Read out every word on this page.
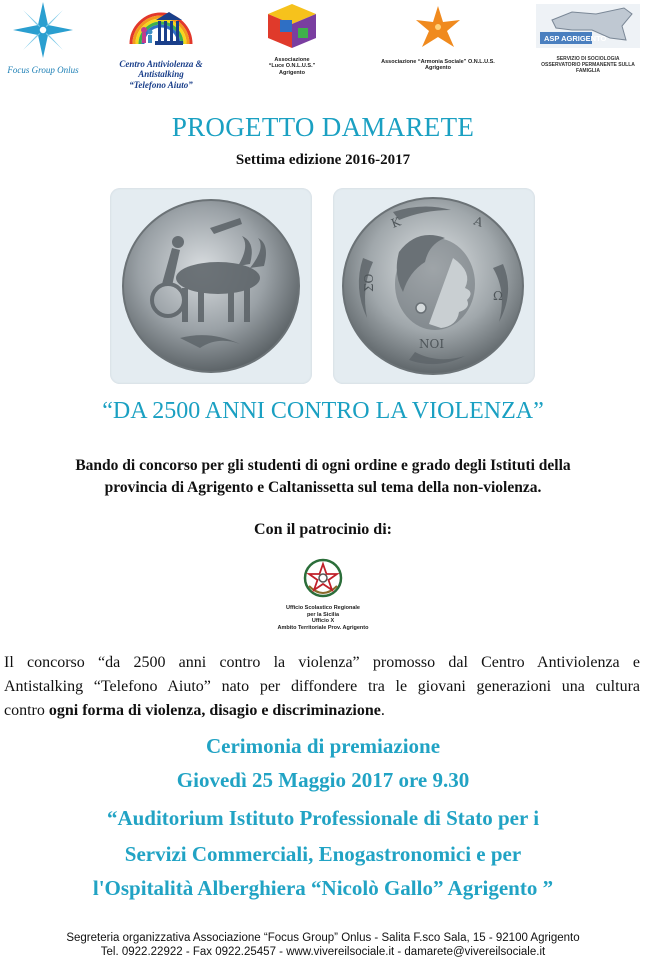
Focus Group Onlus
Centro Antiviolenza & Antistalking
“Telefono Aiuto”
Associazione
“Luce O.N.L.U.S.”
Agrigento
Associazione “Armonia Sociale” O.N.L.U.S.
Agrigento
ASP AGRIGENTO
SERVIZIO DI SOCIOLOGIA
OSSERVATORIO PERMANENTE SULLA FAMIGLIA
PROGETTO DAMARETE
Settima edizione 2016-2017
K	A
ΣΟ
Ω
ΝΟΙ
“DA 2500 ANNI CONTRO LA VIOLENZA”
Bando di concorso per gli studenti di ogni ordine e grado degli Istituti della
provincia di Agrigento e Caltanissetta sul tema della non-violenza.
Con il patrocinio di:
Ufficio Scolastico Regionale
per la Sicilia
Ufficio X
Ambito Territoriale Prov. Agrigento
Il concorso “da 2500 anni contro la violenza” promosso dal Centro Antiviolenza e
Antistalking “Telefono Aiuto” nato per diffondere tra le giovani generazioni una cultura
contro ogni forma di violenza, disagio e discriminazione.
Cerimonia di premiazione
Giovedì 25 Maggio 2017 ore 9.30
“Auditorium Istituto Professionale di Stato per i
Servizi Commerciali, Enogastronomici e per
l'Ospitalità Alberghiera “Nicolò Gallo” Agrigento ”
Segreteria organizzativa Associazione “Focus Group” Onlus - Salita F.sco Sala, 15 - 92100 Agrigento
Tel. 0922.22922 - Fax 0922.25457 - www.vivereilsociale.it - damarete@vivereilsociale.it
